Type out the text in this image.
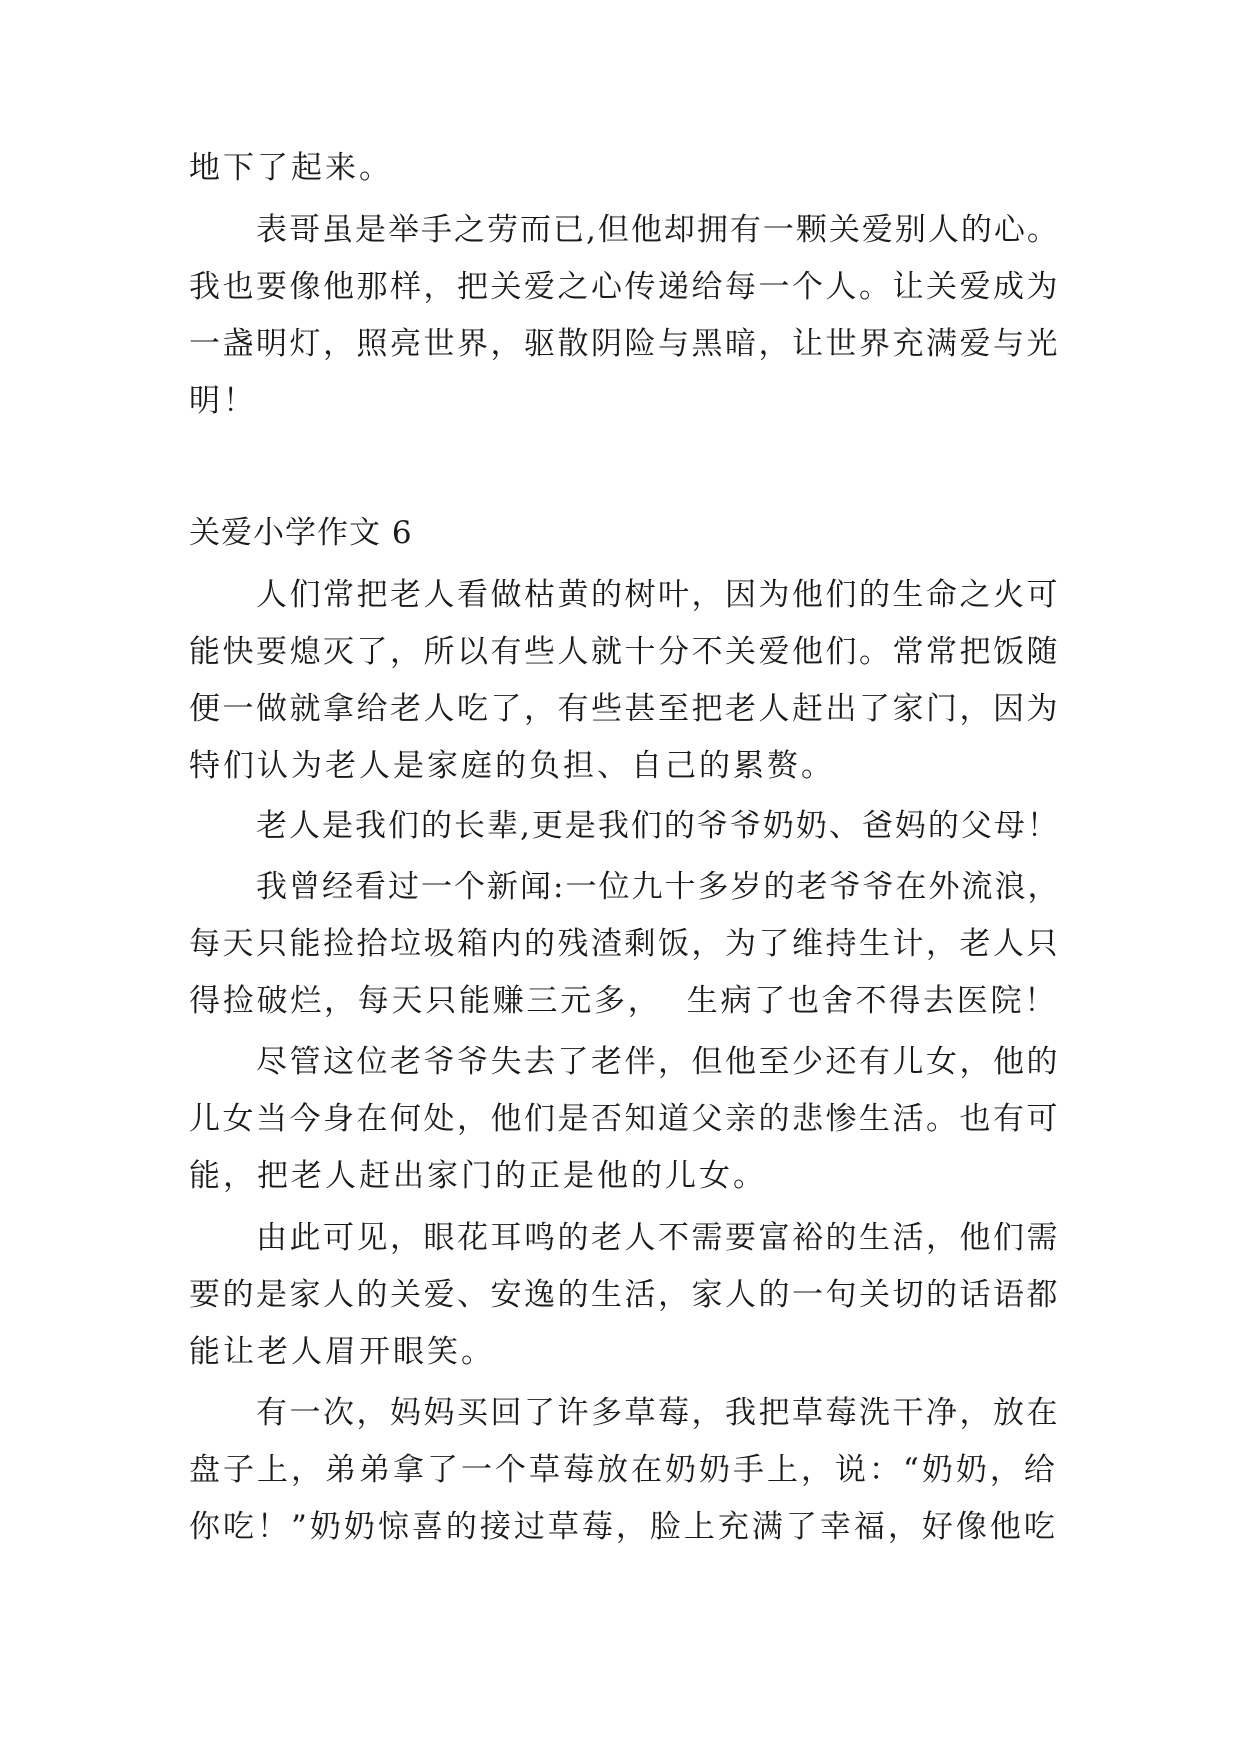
地下了起来。
表哥虽是举手之劳而已,但他却拥有一颗关爱别人的心。
我也要像他那样，把关爱之心传递给每一个人。让关爱成为
一盏明灯，照亮世界，驱散阴险与黑暗，让世界充满爱与光
明！
关爱小学作文 6
人们常把老人看做枯黄的树叶，因为他们的生命之火可
能快要熄灭了，所以有些人就十分不关爱他们。常常把饭随
便一做就拿给老人吃了，有些甚至把老人赶出了家门，因为
特们认为老人是家庭的负担、自己的累赘。
老人是我们的长辈,更是我们的爷爷奶奶、爸妈的父母！
我曾经看过一个新闻:一位九十多岁的老爷爷在外流浪，
每天只能捡拾垃圾箱内的残渣剩饭，为了维持生计，老人只
得捡破烂，每天只能赚三元多，  生病了也舍不得去医院！
尽管这位老爷爷失去了老伴，但他至少还有儿女，他的
儿女当今身在何处，他们是否知道父亲的悲惨生活。也有可
能，把老人赶出家门的正是他的儿女。
由此可见，眼花耳鸣的老人不需要富裕的生活，他们需
要的是家人的关爱、安逸的生活，家人的一句关切的话语都
能让老人眉开眼笑。
有一次，妈妈买回了许多草莓，我把草莓洗干净，放在
盘子上，弟弟拿了一个草莓放在奶奶手上，说：“奶奶，给
你吃！”奶奶惊喜的接过草莓，脸上充满了幸福，好像他吃
